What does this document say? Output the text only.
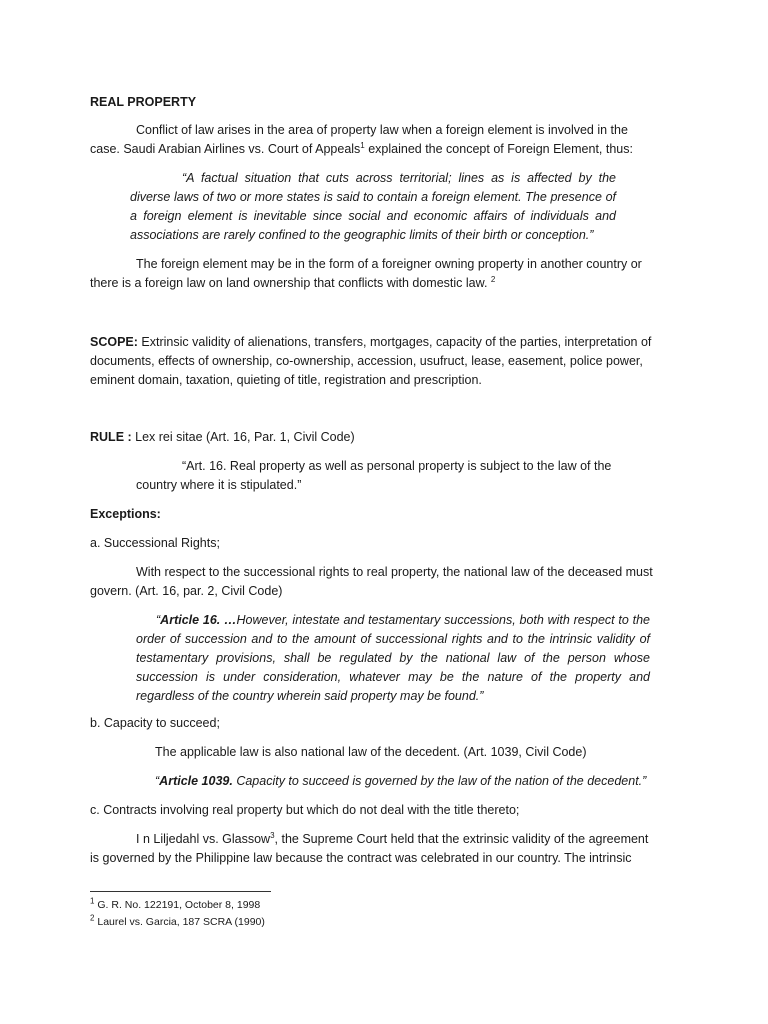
REAL PROPERTY

Conflict of law arises in the area of property law when a foreign element is involved in the case. Saudi Arabian Airlines vs. Court of Appeals$^1$ explained the concept of Foreign Element, thus:

“A factual situation that cuts across territorial; lines as is affected by the diverse laws of two or more states is said to contain a foreign element. The presence of a foreign element is inevitable since social and economic affairs of individuals and associations are rarely confined to the geographic limits of their birth or conception.”

The foreign element may be in the form of a foreigner owning property in another country or there is a foreign law on land ownership that conflicts with domestic law. $^2$

SCOPE: Extrinsic validity of alienations, transfers, mortgages, capacity of the parties, interpretation of documents, effects of ownership, co-ownership, accession, usufruct, lease, easement, police power, eminent domain, taxation, quieting of title, registration and prescription.

RULE : Lex rei sitae (Art. 16, Par. 1, Civil Code)

“Art. 16. Real property as well as personal property is subject to the law of the country where it is stipulated.”

Exceptions:

a. Successional Rights;

With respect to the successional rights to real property, the national law of the deceased must govern. (Art. 16, par. 2, Civil Code)

“Article 16. …However, intestate and testamentary successions, both with respect to the order of succession and to the amount of successional rights and to the intrinsic validity of testamentary provisions, shall be regulated by the national law of the person whose succession is under consideration, whatever may be the nature of the property and regardless of the country wherein said property may be found.”

b. Capacity to succeed;

The applicable law is also national law of the decedent. (Art. 1039, Civil Code)

“Article 1039. Capacity to succeed is governed by the law of the nation of the decedent.”

c. Contracts involving real property but which do not deal with the title thereto;

I n Liljedahl vs. Glassow$^3$, the Supreme Court held that the extrinsic validity of the agreement is governed by the Philippine law because the contract was celebrated in our country. The intrinsic

$^1$ G. R. No. 122191, October 8, 1998
$^2$ Laurel vs. Garcia, 187 SCRA (1990)
